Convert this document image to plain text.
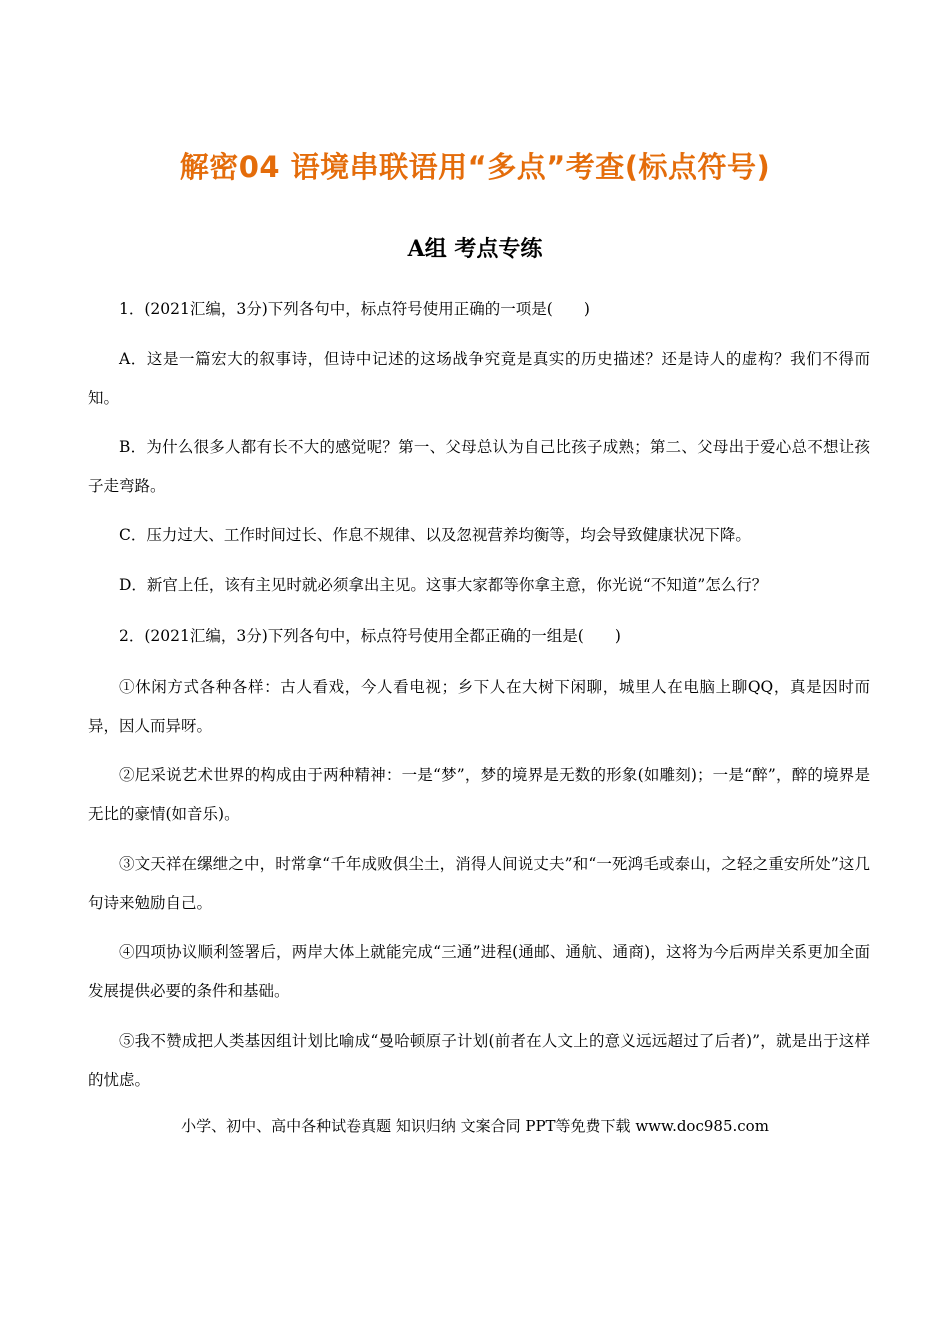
解密04 语境串联语用“多点”考查(标点符号)
A组 考点专练

1．(2021汇编，3分)下列各句中，标点符号使用正确的一项是(　　)

A．这是一篇宏大的叙事诗，但诗中记述的这场战争究竟是真实的历史描述？还是诗人的虚构？我们不得而知。

B．为什么很多人都有长不大的感觉呢？第一、父母总认为自己比孩子成熟；第二、父母出于爱心总不想让孩子走弯路。

C．压力过大、工作时间过长、作息不规律、以及忽视营养均衡等，均会导致健康状况下降。

D．新官上任，该有主见时就必须拿出主见。这事大家都等你拿主意，你光说“不知道”怎么行？

2．(2021汇编，3分)下列各句中，标点符号使用全都正确的一组是(　　)

①休闲方式各种各样：古人看戏，今人看电视；乡下人在大树下闲聊，城里人在电脑上聊QQ，真是因时而异，因人而异呀。

②尼采说艺术世界的构成由于两种精神：一是“梦”，梦的境界是无数的形象(如雕刻)；一是“醉”，醉的境界是无比的豪情(如音乐)。

③文天祥在缧绁之中，时常拿“千年成败俱尘土，消得人间说丈夫”和“一死鸿毛或泰山，之轻之重安所处”这几句诗来勉励自己。

④四项协议顺利签署后，两岸大体上就能完成“三通”进程(通邮、通航、通商)，这将为今后两岸关系更加全面发展提供必要的条件和基础。

⑤我不赞成把人类基因组计划比喻成“曼哈顿原子计划(前者在人文上的意义远远超过了后者)”，就是出于这样的忧虑。

小学、初中、高中各种试卷真题 知识归纳 文案合同 PPT等免费下载 www.doc985.com
